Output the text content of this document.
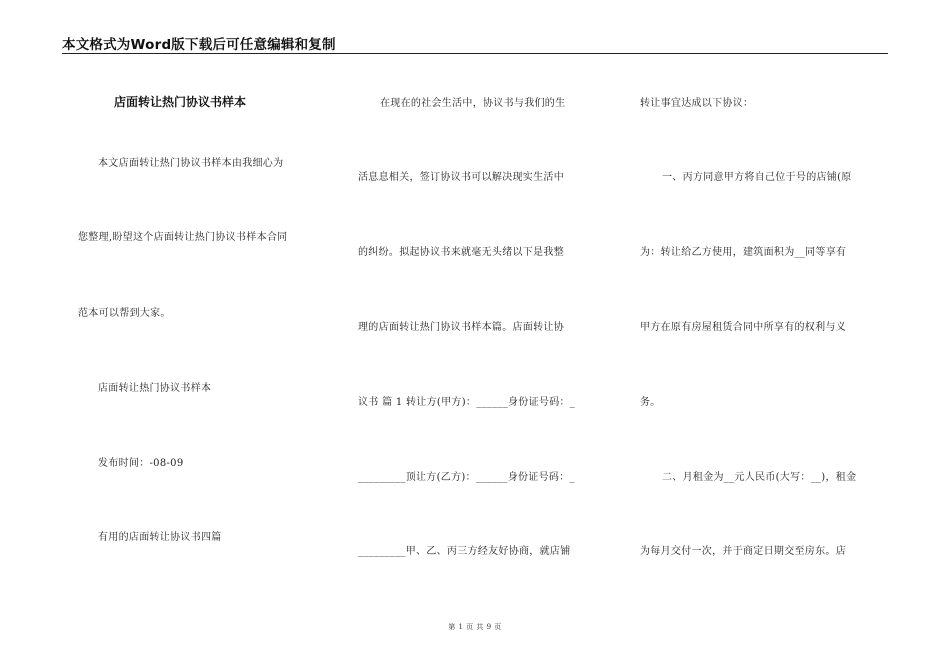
本文格式为Word版下载后可任意编辑和复制
店面转让热门协议书样本
本文店面转让热门协议书样本由我细心为
您整理,盼望这个店面转让热门协议书样本合同
范本可以帮到大家。
店面转让热门协议书样本
发布时间：-08-09
有用的店面转让协议书四篇
在现在的社会生活中，协议书与我们的生
活息息相关，签订协议书可以解决现实生活中
的纠纷。拟起协议书来就毫无头绪以下是我整
理的店面转让热门协议书样本篇。店面转让协
议书 篇 1 转让方(甲方)：______身份证号码：_
_________顶让方(乙方)：______身份证号码：_
_________甲、乙、丙三方经友好协商，就店铺
转让事宜达成以下协议：
一、丙方同意甲方将自己位于号的店铺(原
为：转让给乙方使用，建筑面积为__同等享有
甲方在原有房屋租赁合同中所享有的权利与义
务。
二、月租金为__元人民币(大写：__)，租金
为每月交付一次，并于商定日期交至房东。店
第 1 页 共 9 页
